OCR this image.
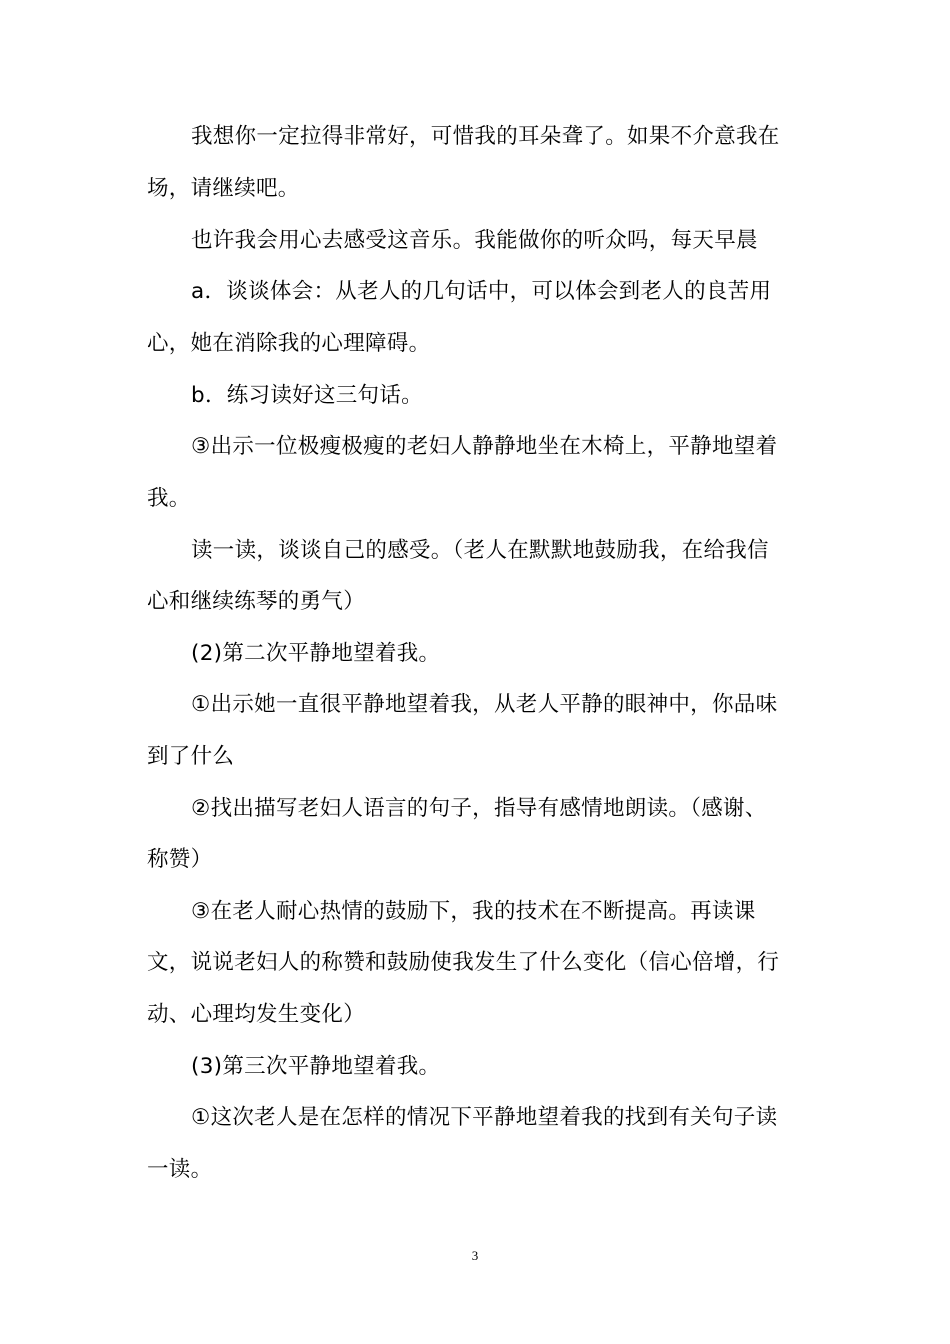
我想你一定拉得非常好，可惜我的耳朵聋了。如果不介意我在
场，请继续吧。
也许我会用心去感受这音乐。我能做你的听众吗，每天早晨
a．谈谈体会：从老人的几句话中，可以体会到老人的良苦用
心，她在消除我的心理障碍。
b．练习读好这三句话。
③出示一位极瘦极瘦的老妇人静静地坐在木椅上，平静地望着
我。
读一读，谈谈自己的感受。（老人在默默地鼓励我，在给我信
心和继续练琴的勇气）
(2)第二次平静地望着我。
①出示她一直很平静地望着我，从老人平静的眼神中，你品味
到了什么
②找出描写老妇人语言的句子，指导有感情地朗读。（感谢、
称赞）
③在老人耐心热情的鼓励下，我的技术在不断提高。再读课
文，说说老妇人的称赞和鼓励使我发生了什么变化（信心倍增，行
动、心理均发生变化）
(3)第三次平静地望着我。
①这次老人是在怎样的情况下平静地望着我的找到有关句子读
一读。
3
